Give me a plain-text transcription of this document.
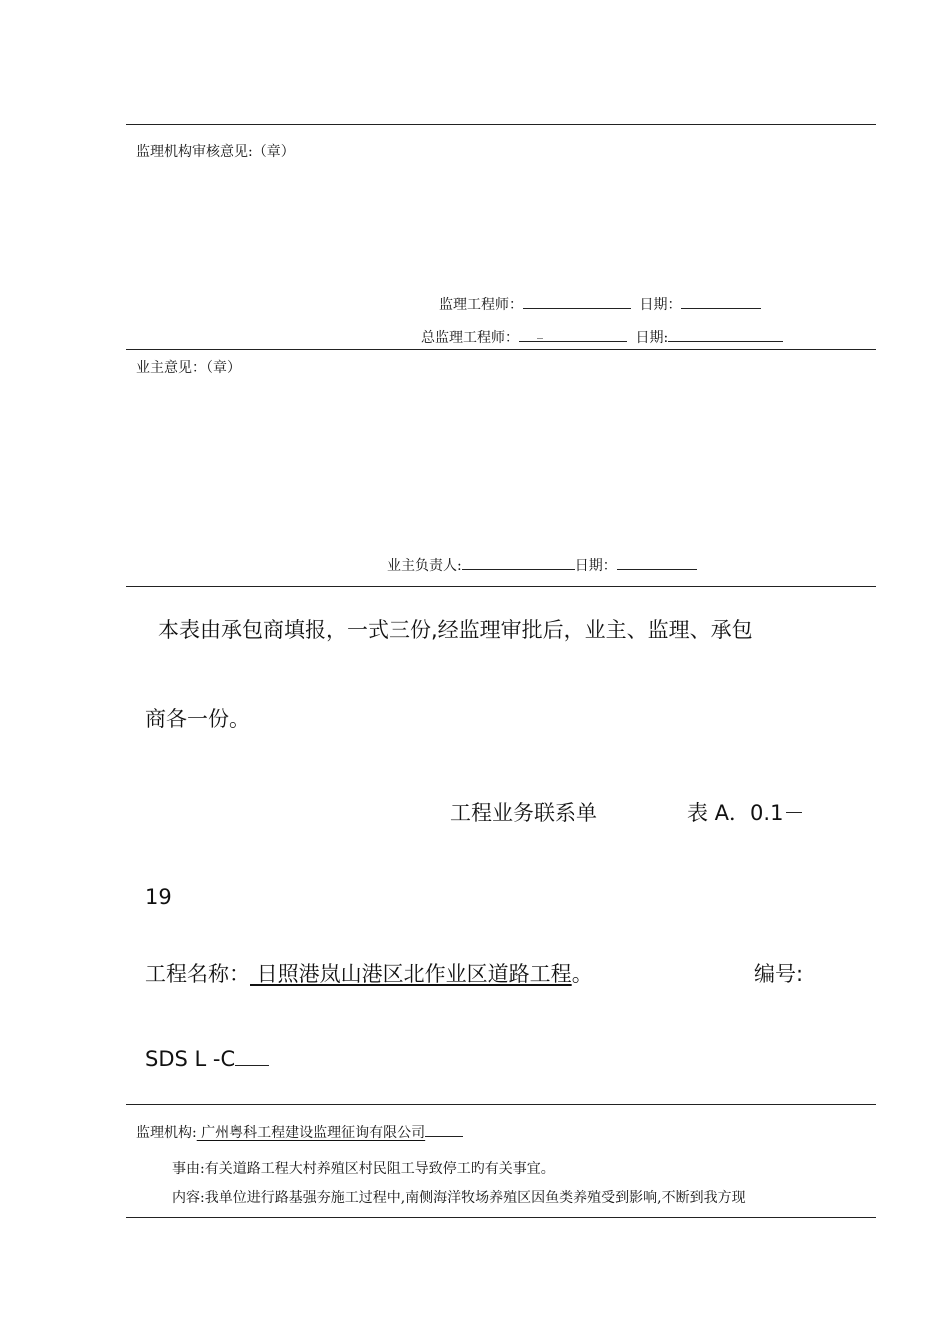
监理机构审核意见:（章）
监理工程师：	日期：
总监理工程师： _	日期:
业主意见：（章）
业主负责人:	日期：
本表由承包商填报，一式三份,经监理审批后，业主、监理、承包
商各一份。
工程业务联系单	表 A．0.1－
19
工程名称： 日照港岚山港区北作业区道路工程。	编号:
SDS L -C
监理机构: 广州粤科工程建设监理征询有限公司
事由:有关道路工程大村养殖区村民阻工导致停工旳有关事宜。
内容:我单位进行路基强夯施工过程中,南侧海洋牧场养殖区因鱼类养殖受到影响,不断到我方现
